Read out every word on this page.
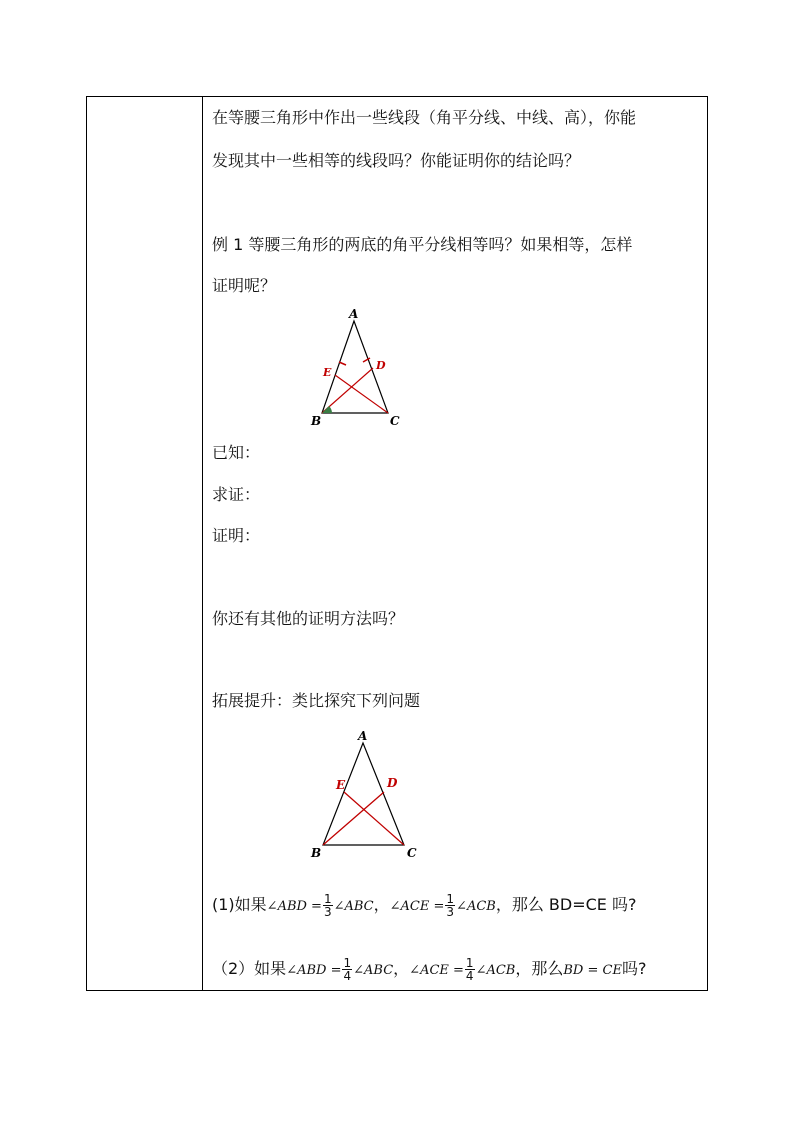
在等腰三角形中作出一些线段（角平分线、中线、高），你能
发现其中一些相等的线段吗？你能证明你的结论吗？
例 1 等腰三角形的两底的角平分线相等吗？如果相等，怎样
证明呢？
A
B	C
D
E
已知：
求证：
证明：
你还有其他的证明方法吗？
拓展提升：类比探究下列问题
A
B	C
D
E
(1)如果∠ABD = $\frac{1}{3}$ ∠ABC，∠ACE = $\frac{1}{3}$ ∠ACB，那么 BD=CE 吗?
（2）如果∠ABD = $\frac{1}{4}$ ∠ABC，∠ACE = $\frac{1}{4}$ ∠ACB，那么BD = CE吗?
